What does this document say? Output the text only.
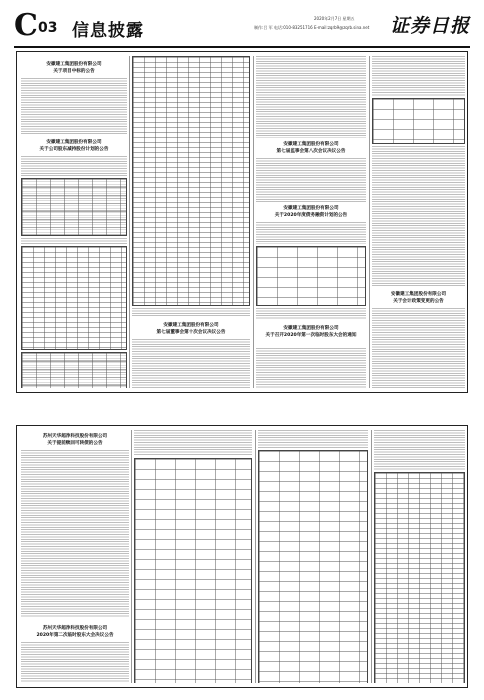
C 03 信息披露
2020年2月7日 星期五
制作:吕 军 电话:010-83251716 E-mail:zqrb9@zqrb.sina.net 证券日报
安徽建工集团股份有限公司
关于项目中标的公告
安徽建工集团股份有限公司
关于公司股东减持股份计划的公告
安徽建工集团股份有限公司
第七届董事会第十次会议决议公告
安徽建工集团股份有限公司
第七届监事会第八次会议决议公告
安徽建工集团股份有限公司
关于2020年度债务融资计划的公告
安徽建工集团股份有限公司
关于召开2020年第一次临时股东大会的通知
安徽建工集团股份有限公司
关于会计政策变更的公告
苏州天华超净科技股份有限公司
关于提前赎回可转债的公告
苏州天华超净科技股份有限公司
2020年第二次临时股东大会决议公告
